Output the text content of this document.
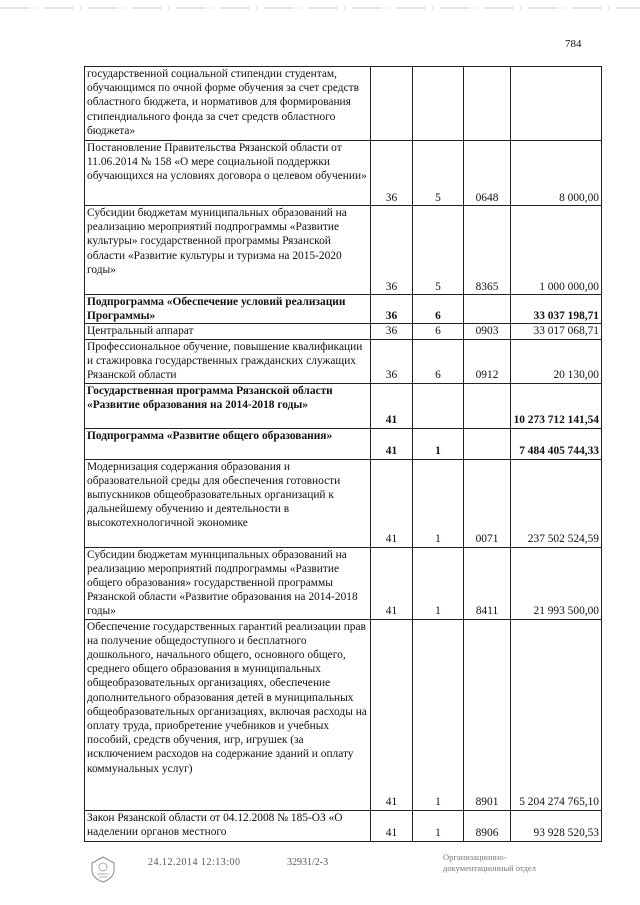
784
государственной социальной стипендии студентам, обучающимся по очной форме обучения за счет средств областного бюджета, и нормативов для формирования стипендиального фонда за счет средств областного бюджета»				
Постановление Правительства Рязанской области от 11.06.2014 № 158 «О мере социальной поддержки обучающихся на условиях договора о целевом обучении»	36	5	0648	8 000,00
Субсидии бюджетам муниципальных образований на реализацию мероприятий подпрограммы «Развитие культуры» государственной программы Рязанской области «Развитие культуры и туризма на 2015-2020 годы»	36	5	8365	1 000 000,00
Подпрограмма «Обеспечение условий реализации Программы»	36	6		33 037 198,71
Центральный аппарат	36	6	0903	33 017 068,71
Профессиональное обучение, повышение квалификации и стажировка государственных гражданских служащих Рязанской области	36	6	0912	20 130,00
Государственная программа Рязанской области «Развитие образования на 2014-2018 годы»	41			10 273 712 141,54
Подпрограмма «Развитие общего образования»	41	1		7 484 405 744,33
Модернизация содержания образования и образовательной среды для обеспечения готовности выпускников общеобразовательных организаций к дальнейшему обучению и деятельности в высокотехнологичной экономике	41	1	0071	237 502 524,59
Субсидии бюджетам муниципальных образований на реализацию мероприятий подпрограммы «Развитие общего образования» государственной программы Рязанской области «Развитие образования на 2014-2018 годы»	41	1	8411	21 993 500,00
Обеспечение государственных гарантий реализации прав на получение общедоступного и бесплатного дошкольного, начального общего, основного общего, среднего общего образования в муниципальных общеобразовательных организациях, обеспечение дополнительного образования детей в муниципальных общеобразовательных организациях, включая расходы на оплату труда, приобретение учебников и учебных пособий, средств обучения, игр, игрушек (за исключением расходов на содержание зданий и оплату коммунальных услуг)	41	1	8901	5 204 274 765,10
Закон Рязанской области от 04.12.2008 № 185-ОЗ «О наделении органов местного	41	1	8906	93 928 520,53
24.12.2014 12:13:00	32931/2-3	Организационно-
документационный отдел
